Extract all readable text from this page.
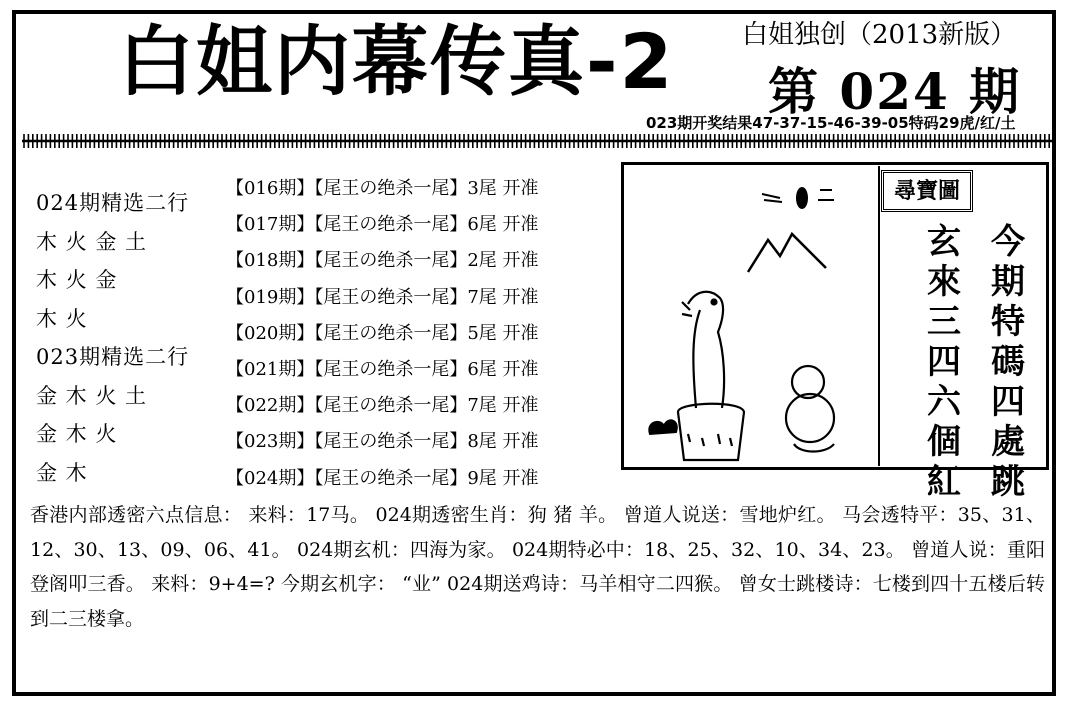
白姐内幕传真-2	白姐独创（2013新版）
第 024 期
023期开奖结果47-37-15-46-39-05特码29虎/红/土
024期精选二行
木 火 金 土
木 火 金
木 火
023期精选二行
金 木 火 土
金 木 火
金 木
【016期】【尾王の绝杀一尾】3尾 开准
【017期】【尾王の绝杀一尾】6尾 开准
【018期】【尾王の绝杀一尾】2尾 开准
【019期】【尾王の绝杀一尾】7尾 开准
【020期】【尾王の绝杀一尾】5尾 开准
【021期】【尾王の绝杀一尾】6尾 开准
【022期】【尾王の绝杀一尾】7尾 开准
【023期】【尾王の绝杀一尾】8尾 开准
【024期】【尾王の绝杀一尾】9尾 开准
尋寶圖
今
期
特
碼
四
處
跳
玄
來
三
四
六
個
紅
香港内部透密六点信息： 来料：17马。 024期透密生肖：狗 猪 羊。 曾道人说送：雪地炉红。 马会透特平：35、31、12、30、13、09、06、41。 024期玄机：四海为家。 024期特必中：18、25、32、10、34、23。 曾道人说：重阳登阁叩三香。 来料：9+4=? 今期玄机字： “业” 024期送鸡诗：马羊相守二四猴。 曾女士跳楼诗：七楼到四十五楼后转到二三楼拿。
